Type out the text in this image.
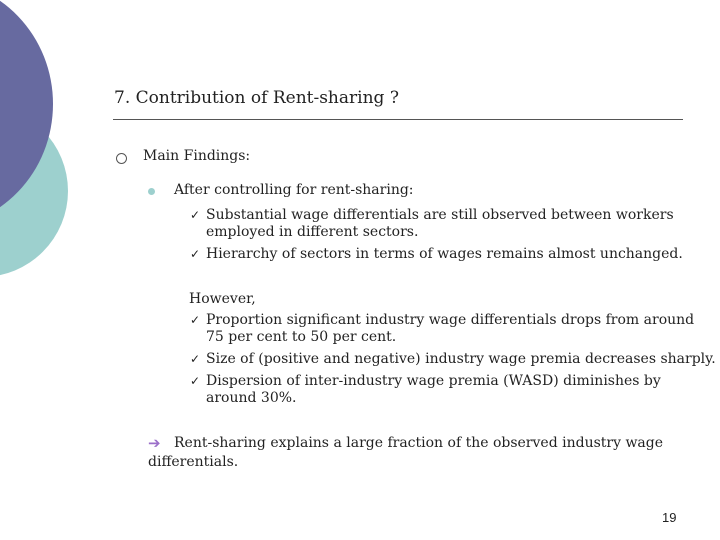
7. Contribution of Rent-sharing ?
Main Findings:
After controlling for rent-sharing:
✓ Substantial wage differentials are still observed between workers
employed in different sectors.
✓ Hierarchy of sectors in terms of wages remains almost unchanged.
However,
✓ Proportion significant industry wage differentials drops from around
75 per cent to 50 per cent.
✓ Size of (positive and negative) industry wage premia decreases sharply.
✓ Dispersion of inter-industry wage premia (WASD) diminishes by
around 30%.
➔ Rent-sharing explains a large fraction of the observed industry wage
differentials.
19
